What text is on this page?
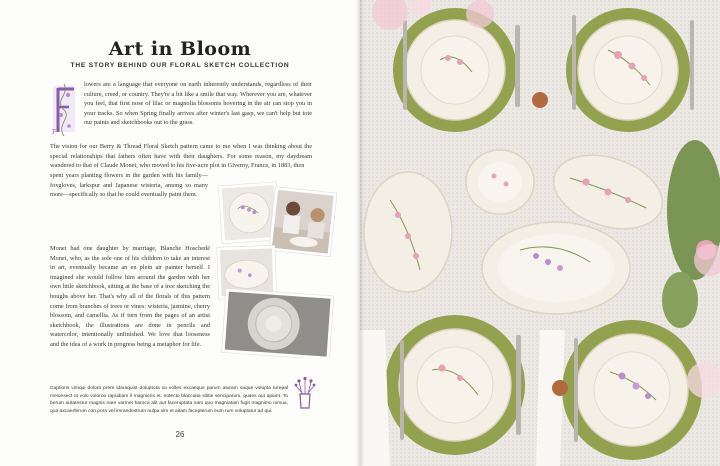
Art in Bloom
THE STORY BEHIND OUR FLORAL SKETCH COLLECTION
F

lowers are a language that everyone on earth inherently understands, regardless of their culture, creed, or country. They're a bit like a smile that way. Wherever you are, whatever you feel, that first nose of lilac or magnolia blossoms hovering in the air can stop you in your tracks. So when Spring finally arrives after winter's last gasp, we can't help but tote our paints and sketchbooks out to the grass.

The vision for our Berry & Thread Floral Sketch pattern came to me when I was thinking about the special relationships that fathers often have with their daughters. For some reason, my daydream wandered to that of Claude Monet, who moved to his five-acre plot in Giverny, France, in 1883, then

spent years planting flowers in the garden with his family—foxgloves, larkspur and Japanese wisteria, among so many more—specifically so that he could eventually paint them.

Monet had one daughter by marriage, Blanche Hoschedé Monet, who, as the sole one of his children to take an interest in art, eventually became an en plein air painter herself. I imagined she would follow him around the garden with her own little sketchbook, sitting at the base of a tree sketching the boughs above her. That's why all of the florals of this pattern come from branches of trees or vines: wisteria, jasmine, cherry blossom, and camellia. As if torn from the pages of an artist sketchbook, the illustrations are done in pencils and watercolor, intentionally unfinished. We love that looseness and the idea of a work in progress being a metaphor for life.

Captions Umqui dolora prem idaraquist doluptota sa volles excaeque parum aturam saque volupta turepal meionsect ut volo voloroo rapudiam il magnieris et. notecto blaccaita sititie sericiparum, quaes aut apiant. To berum autatestur magnis nare varmet haroca alit aut faceruptata sam quo magniatam fugit magnimo nimua, qua axcaerferum con pora vel imrandestrum nulpa sim et aitam facepterum eum rum voluptatur ad qui.

26
